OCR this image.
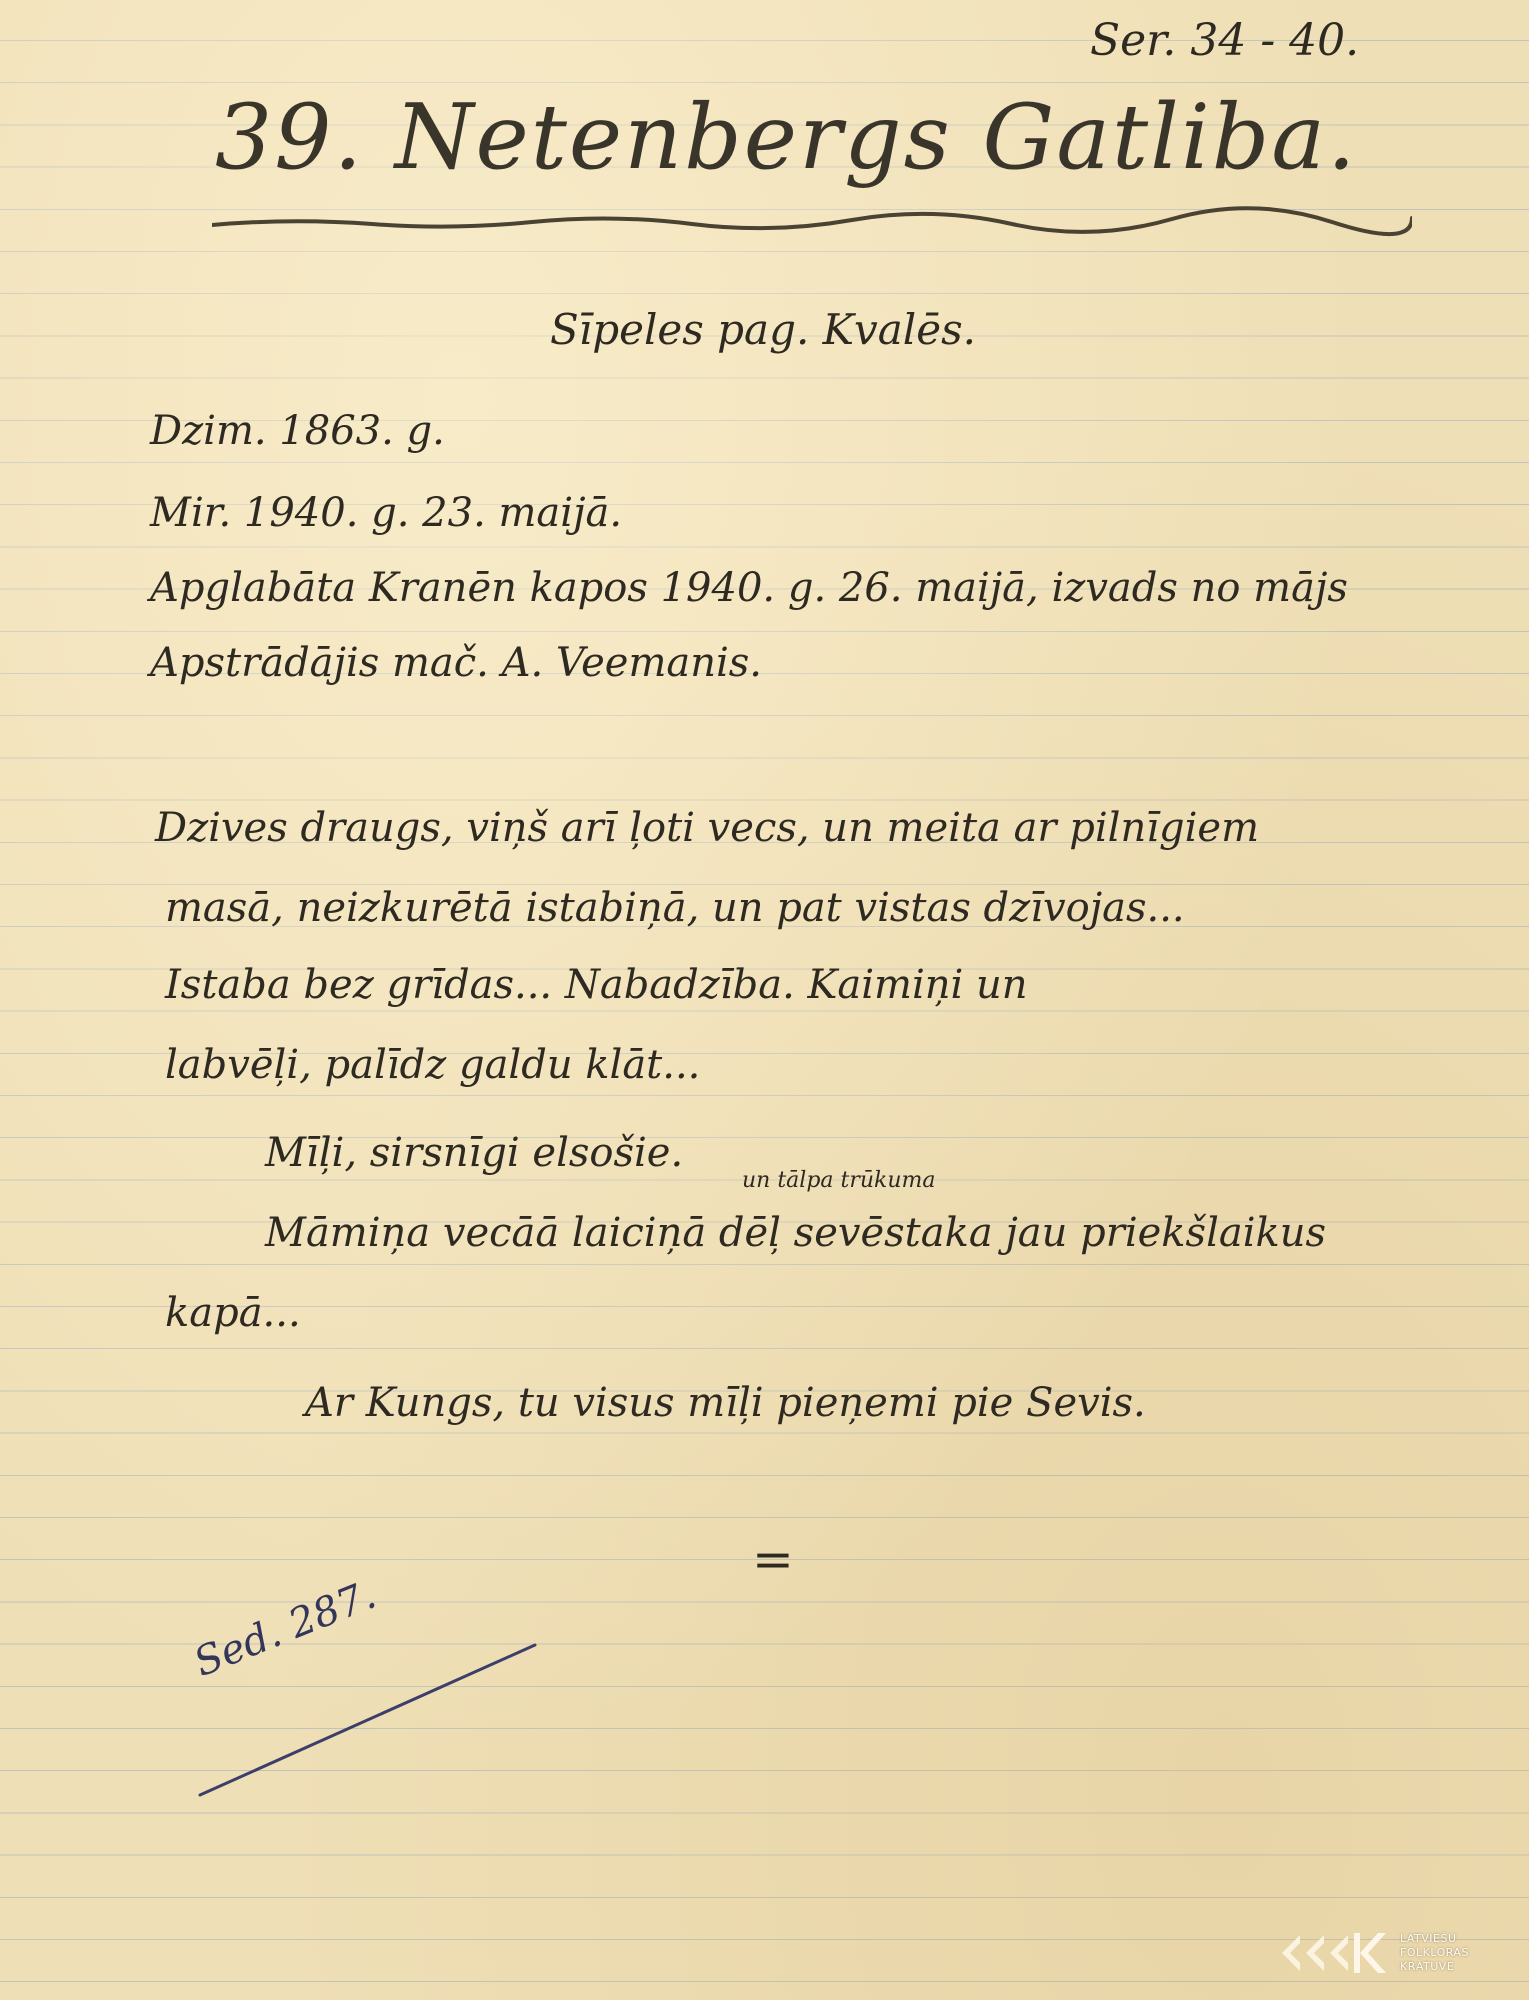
Ser. 34 - 40.
39. Netenbergs Gatliba.
Sīpeles pag. Kvalēs.
Dzim. 1863. g.
Mir. 1940. g. 23. maijā.
Apglabāta Kranēn kapos 1940. g. 26. maijā, izvads no mājs
Apstrādājis mač. A. Veemanis.
Dzives draugs, viņš arī ļoti vecs, un meita ar pilnīgiem
masā, neizkurētā istabiņā, un pat vistas dzīvojas...
Istaba bez grīdas... Nabadzība. Kaimiņi un
labvēļi, palīdz galdu klāt...
Mīļi, sirsnīgi elsošie.
un tālpa trūkuma
Māmiņa vecāā laiciņā dēļ sevēstaka jau priekšlaikus
kapā...
Ar Kungs, tu visus mīļi pieņemi pie Sevis.
=
Sed. 287.
LATVIEŠU
FOLKLORAS
KRĀTUVE
